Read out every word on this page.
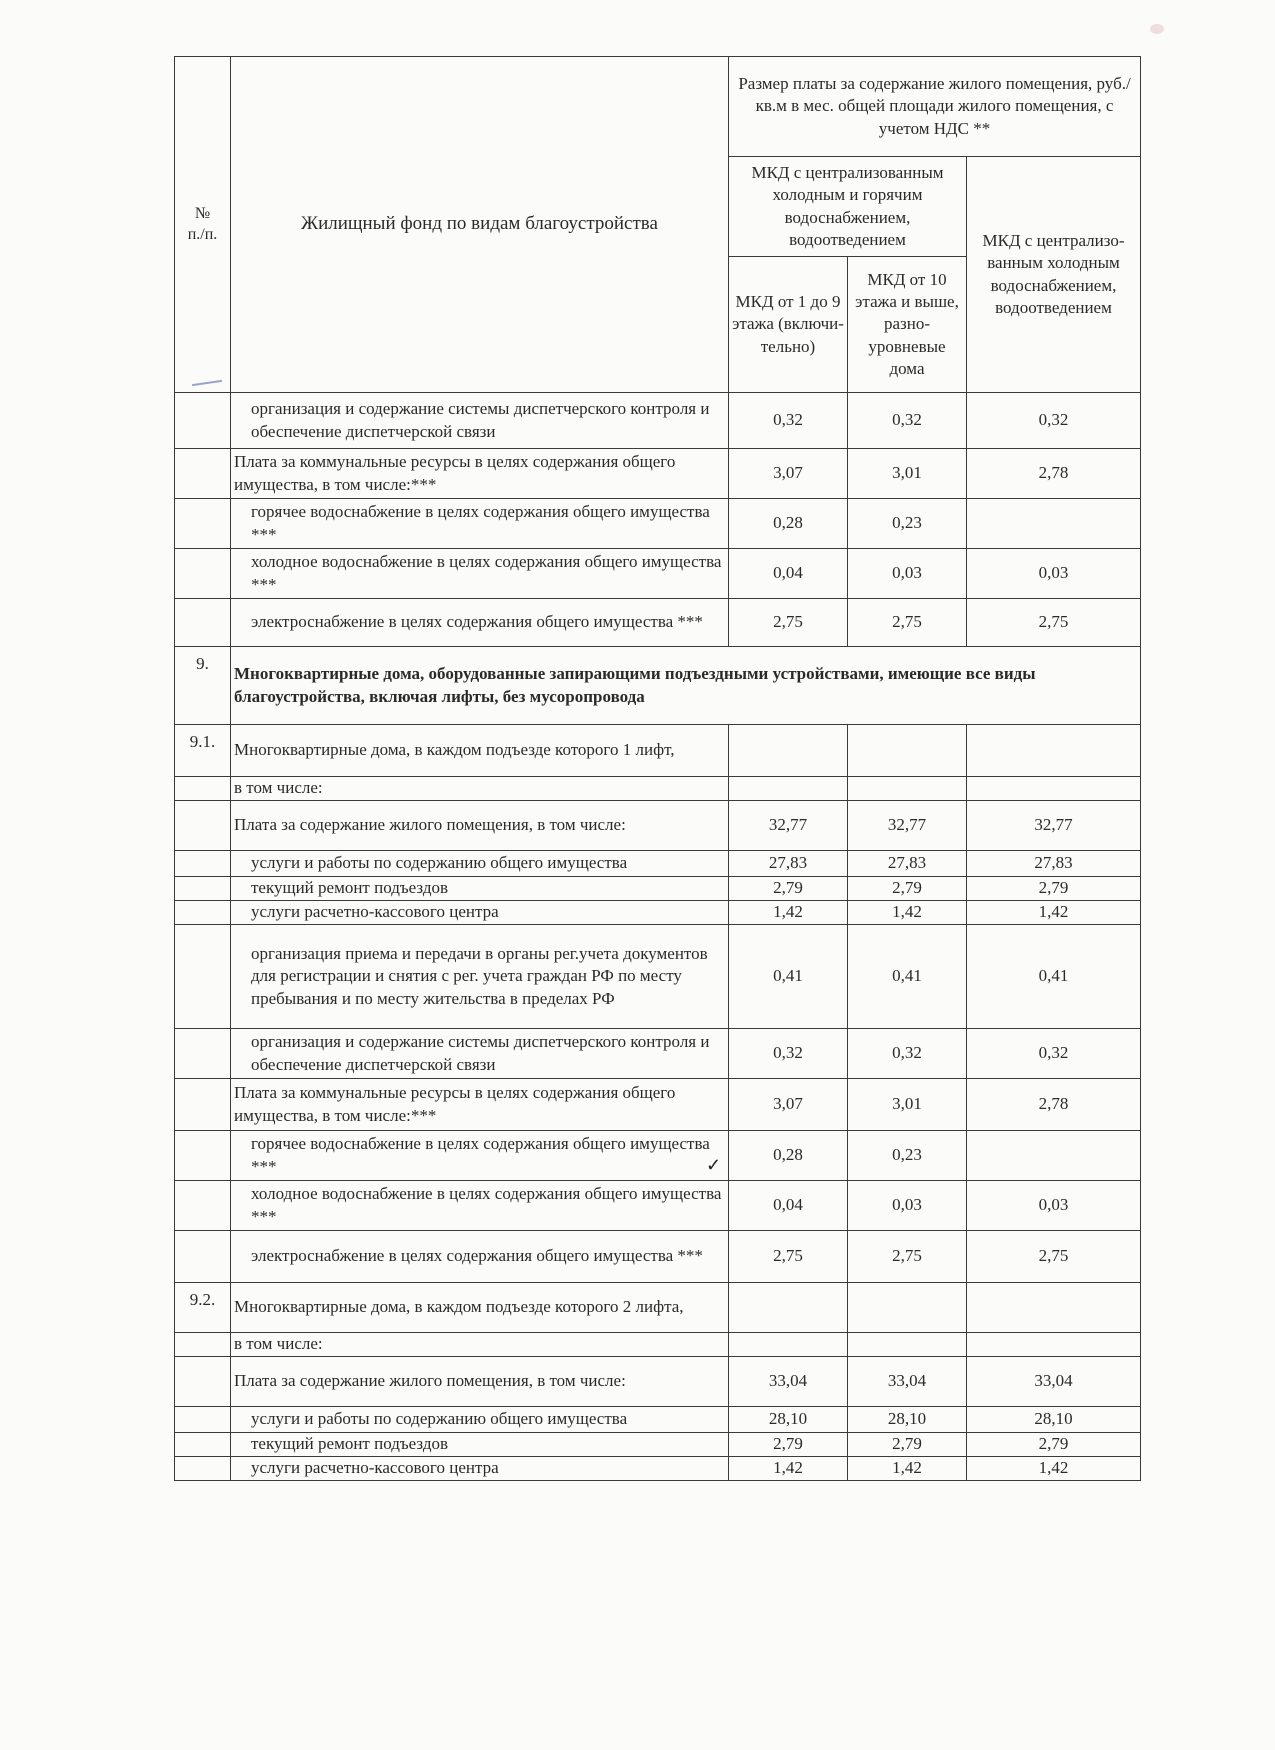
✓
№
п./п.	Жилищный фонд по видам благоустройства	Размер платы за содержание жилого помещения, руб./кв.м в мес. общей площади жилого помещения, с учетом НДС **		
		МКД с централизованным холодным и горячим водоснабжением, водоотведением		МКД с централизо-ванным холодным водоснабжением, водоотведением
		МКД от 1 до 9 этажа (включи-тельно)	МКД от 10 этажа и выше, разно-уровневые дома	
	организация и содержание системы диспетчерского контроля и обеспечение диспетчерской связи	0,32	0,32	0,32
	Плата за коммунальные ресурсы в целях содержания общего имущества, в том числе:***	3,07	3,01	2,78
	горячее водоснабжение в целях содержания общего имущества ***	0,28	0,23	
	холодное водоснабжение в целях содержания общего имущества ***	0,04	0,03	0,03
	электроснабжение в целях содержания общего имущества ***	2,75	2,75	2,75
9.	Многоквартирные дома, оборудованные запирающими подъездными устройствами, имеющие все виды благоустройства, включая лифты, без мусоропровода			
9.1.	Многоквартирные дома, в каждом подъезде которого 1 лифт,			
	в том числе:			
	Плата за содержание жилого помещения, в том числе:	32,77	32,77	32,77
	услуги и работы по содержанию общего имущества	27,83	27,83	27,83
	текущий ремонт подъездов	2,79	2,79	2,79
	услуги расчетно-кассового центра	1,42	1,42	1,42
	организация приема и передачи в органы рег.учета документов для регистрации и снятия с рег. учета граждан РФ по месту пребывания и по месту жительства в пределах РФ	0,41	0,41	0,41
	организация и содержание системы диспетчерского контроля и обеспечение диспетчерской связи	0,32	0,32	0,32
	Плата за коммунальные ресурсы в целях содержания общего имущества, в том числе:***	3,07	3,01	2,78
	горячее водоснабжение в целях содержания общего имущества ***	0,28	0,23	
	холодное водоснабжение в целях содержания общего имущества ***	0,04	0,03	0,03
	электроснабжение в целях содержания общего имущества ***	2,75	2,75	2,75
9.2.	Многоквартирные дома, в каждом подъезде которого 2 лифта,			
	в том числе:			
	Плата за содержание жилого помещения, в том числе:	33,04	33,04	33,04
	услуги и работы по содержанию общего имущества	28,10	28,10	28,10
	текущий ремонт подъездов	2,79	2,79	2,79
	услуги расчетно-кассового центра	1,42	1,42	1,42
